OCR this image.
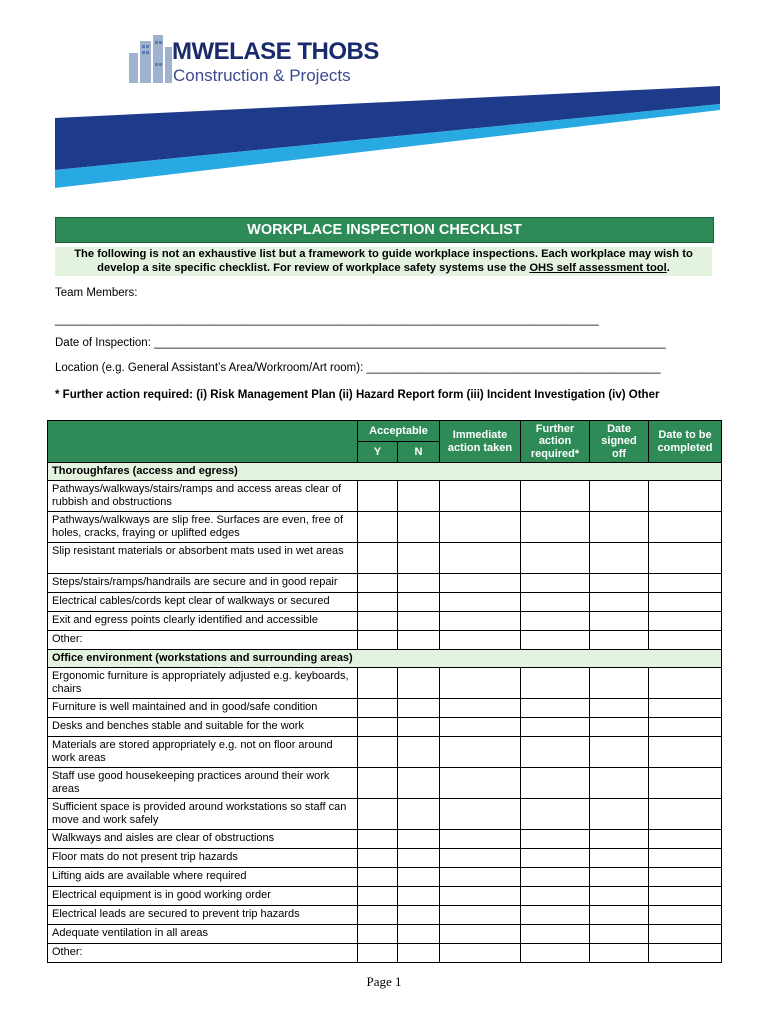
MWELASE THOBS
Construction & Projects
WORKPLACE INSPECTION CHECKLIST
The following is not an exhaustive list but a framework to guide workplace inspections. Each workplace may wish to develop a site specific checklist. For review of workplace safety systems use the OHS self assessment tool.
Team Members:
_____________________________________________________________________________________
Date of Inspection: ________________________________________________________________________________
Location (e.g. General Assistant’s Area/Workroom/Art room): ______________________________________________
* Further action required: (i) Risk Management Plan (ii) Hazard Report form (iii) Incident Investigation (iv) Other
	Acceptable		Immediate action taken	Further action required*	Date signed off	Date to be completed
	Y	N				
Thoroughfares (access and egress)						
Pathways/walkways/stairs/ramps and access areas clear of rubbish and obstructions						
Pathways/walkways are slip free. Surfaces are even, free of holes, cracks, fraying or uplifted edges						
Slip resistant materials or absorbent mats used in wet areas						
Steps/stairs/ramps/handrails are secure and in good repair						
Electrical cables/cords kept clear of walkways or secured						
Exit and egress points clearly identified and accessible						
Other:						
Office environment (workstations and surrounding areas)						
Ergonomic furniture is appropriately adjusted e.g. keyboards, chairs						
Furniture is well maintained and in good/safe condition						
Desks and benches stable and suitable for the work						
Materials are stored appropriately e.g. not on floor around work areas						
Staff use good housekeeping practices around their work areas						
Sufficient space is provided around workstations so staff can move and work safely						
Walkways and aisles are clear of obstructions						
Floor mats do not present trip hazards						
Lifting aids are available where required						
Electrical equipment is in good working order						
Electrical leads are secured to prevent trip hazards						
Adequate ventilation in all areas						
Other:						
Page 1
